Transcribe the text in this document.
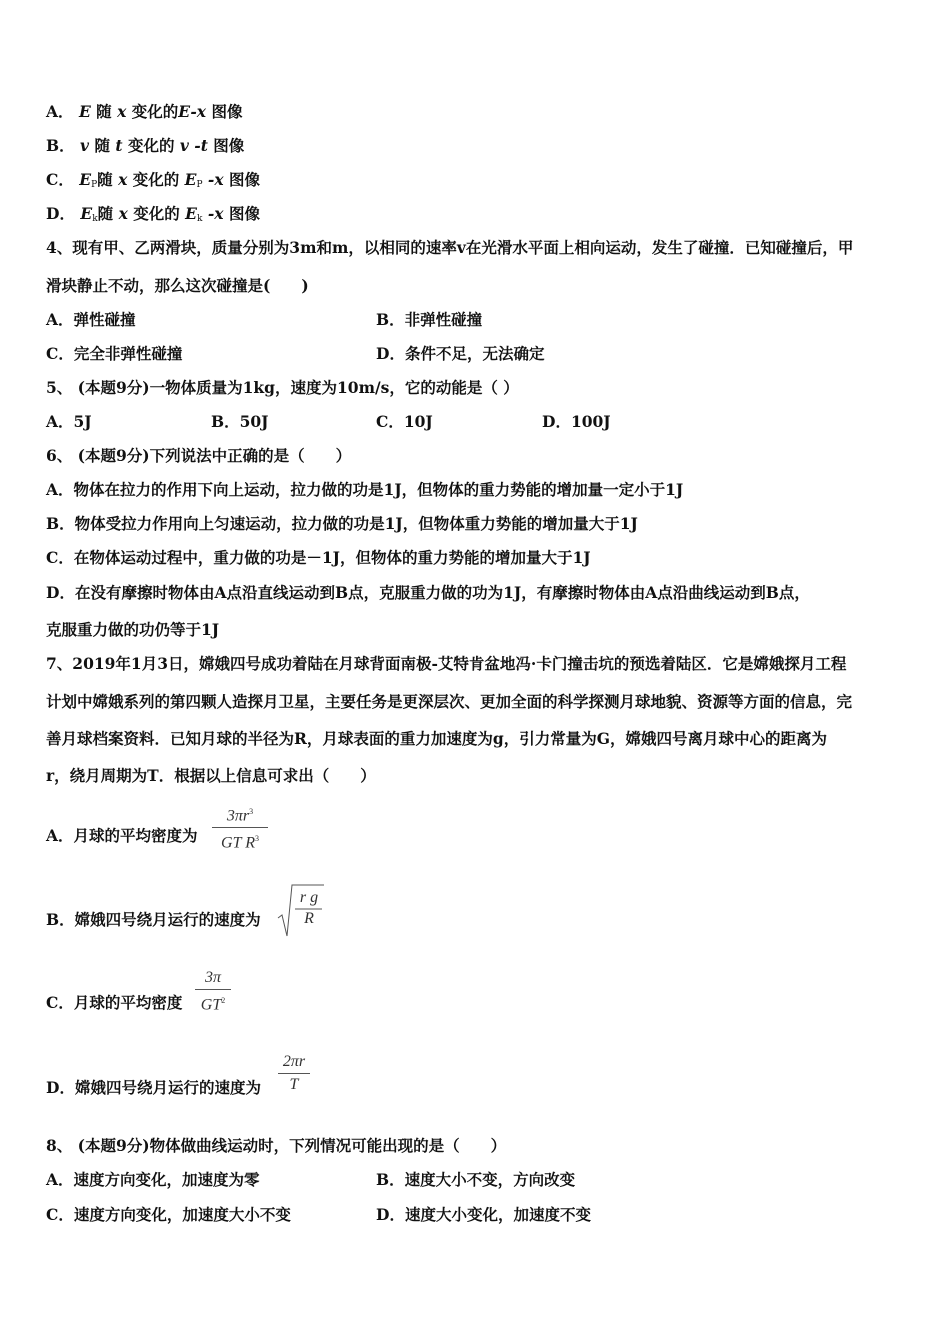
A． E 随 x 变化的E-x 图像
B． v 随 t 变化的 v -t 图像
C． $E_P$随 x 变化的 $E_P$ -x 图像
D． $E_k$随 x 变化的 $E_k$ -x 图像
4、现有甲、乙两滑块，质量分别为3m和m，以相同的速率v在光滑水平面上相向运动，发生了碰撞．已知碰撞后，甲
滑块静止不动，那么这次碰撞是(　　)
A．弹性碰撞	B．非弹性碰撞
C．完全非弹性碰撞	D．条件不足，无法确定
5、 (本题9分)一物体质量为1kg，速度为10m/s，它的动能是（ ）
A．5J	B．50J	C．10J	D．100J
6、 (本题9分)下列说法中正确的是（　　）
A．物体在拉力的作用下向上运动，拉力做的功是1J，但物体的重力势能的增加量一定小于1J
B．物体受拉力作用向上匀速运动，拉力做的功是1J，但物体重力势能的增加量大于1J
C．在物体运动过程中，重力做的功是－1J，但物体的重力势能的增加量大于1J
D．在没有摩擦时物体由A点沿直线运动到B点，克服重力做的功为1J，有摩擦时物体由A点沿曲线运动到B点，
克服重力做的功仍等于1J
7、2019年1月3日，嫦娥四号成功着陆在月球背面南极-艾特肯盆地冯·卡门撞击坑的预选着陆区．它是嫦娥探月工程
计划中嫦娥系列的第四颗人造探月卫星，主要任务是更深层次、更加全面的科学探测月球地貌、资源等方面的信息，完
善月球档案资料．已知月球的半径为R，月球表面的重力加速度为g，引力常量为G，嫦娥四号离月球中心的距离为
r，绕月周期为T．根据以上信息可求出（　　）
A．月球的平均密度为
$3\pi r^3$
GT $R^3$
B．嫦娥四号绕月运行的速度为
r g
R
C．月球的平均密度
3π
$GT^2$
D．嫦娥四号绕月运行的速度为
2πr
T
8、 (本题9分)物体做曲线运动时，下列情况可能出现的是（　　）
A．速度方向变化，加速度为零	B．速度大小不变，方向改变
C．速度方向变化，加速度大小不变	D．速度大小变化，加速度不变
